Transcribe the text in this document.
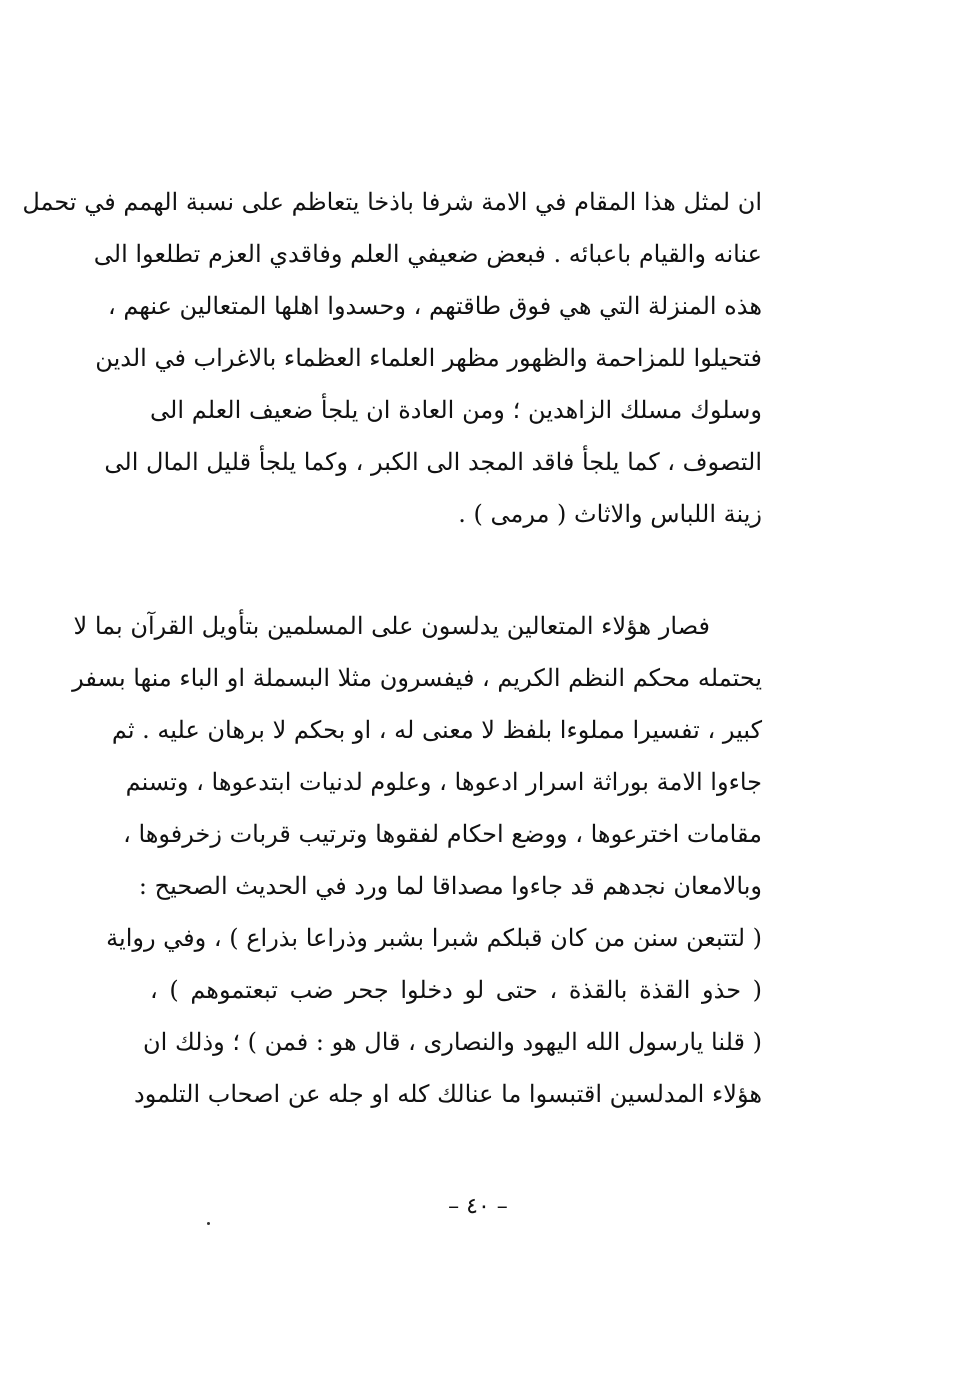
ان لمثل هذا المقام في الامة شرفا باذخا يتعاظم على نسبة الهمم في تحمل
عنانه والقيام باعبائه . فبعض ضعيفي العلم وفاقدي العزم تطلعوا الى
هذه المنزلة التي هي فوق طاقتهم ، وحسدوا اهلها المتعالين عنهم ،
فتحيلوا للمزاحمة والظهور مظهر العلماء العظماء بالاغراب في الدين
وسلوك مسلك الزاهدين ؛ ومن العادة ان يلجأ ضعيف العلم الى
التصوف ، كما يلجأ فاقد المجد الى الكبر ، وكما يلجأ قليل المال الى
زينة اللباس والاثاث ( مرمى ) .
فصار هؤلاء المتعالين يدلسون على المسلمين بتأويل القرآن بما لا
يحتمله محكم النظم الكريم ، فيفسرون مثلا البسملة او الباء منها بسفر
كبير ، تفسيرا مملوءا بلفظ لا معنى له ، او بحكم لا برهان عليه . ثم
جاءوا الامة بوراثة اسرار ادعوها ، وعلوم لدنيات ابتدعوها ، وتسنم
مقامات اخترعوها ، ووضع احكام لفقوها وترتيب قربات زخرفوها ،
وبالامعان نجدهم قد جاءوا مصداقا لما ورد في الحديث الصحيح :
( لتتبعن سنن من كان قبلكم شبرا بشبر وذراعا بذراع ) ، وفي رواية
( حذو القذة بالقذة ، حتى لو دخلوا جحر ضب تبعتموهم ) ،
( قلنا يارسول الله اليهود والنصارى ، قال هو : فمن ) ؛ وذلك ان
هؤلاء المدلسين اقتبسوا ما عنالك كله او جله عن اصحاب التلمود
– ٤٠ –
